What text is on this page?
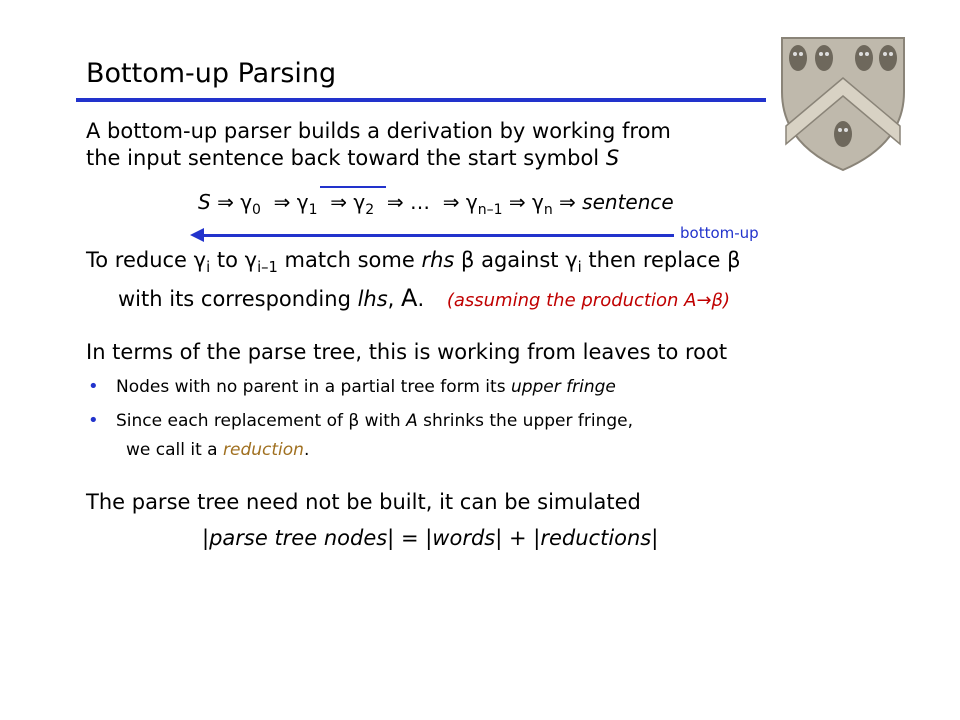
Bottom-up Parsing
A bottom-up parser builds a derivation by working from
the input sentence back toward the start symbol S
S ⇒ $\gamma_0$ ⇒ $\gamma_1$ ⇒ $\gamma_2$ ⇒ … ⇒ $\gamma_{n-1}$ ⇒ $\gamma_n$ ⇒ sentence
bottom-up
To reduce $\gamma_i$ to $\gamma_{i-1}$ match some rhs β against $\gamma_i$ then replace β
with its corresponding lhs, A. (assuming the production A→β)
In terms of the parse tree, this is working from leaves to root
• Nodes with no parent in a partial tree form its upper fringe
• Since each replacement of β with A shrinks the upper fringe,
we call it a reduction.
The parse tree need not be built, it can be simulated
|parse tree nodes| = |words| + |reductions|
